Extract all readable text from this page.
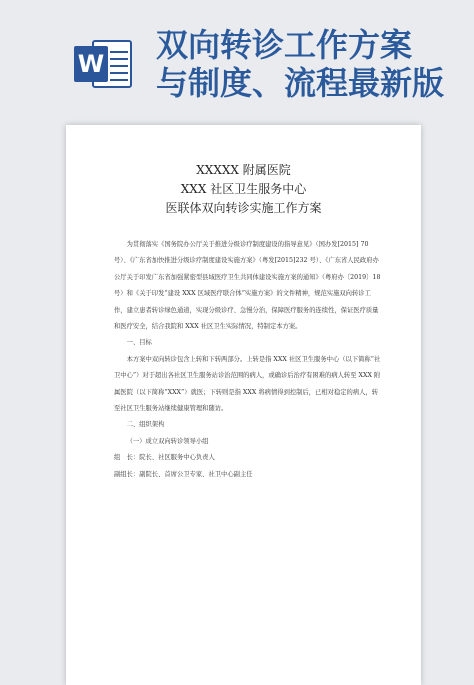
W 双向转诊工作方案
与制度、流程最新版
XXXXX 附属医院
XXX 社区卫生服务中心
医联体双向转诊实施工作方案

为贯彻落实《国务院办公厅关于推进分级诊疗制度建设的指导意见》（国办发[2015] 70 号）、《广东省加快推进分级诊疗制度建设实施方案》（粤发[2015]232 号）、《广东省人民政府办公厅关于印发广东省加强紧密型县域医疗卫生共同体建设实施方案的通知》（粤府办〔2019〕18 号）和《关于印发“建设 XXX 区域医疗联合体”实施方案》的文件精神，规范实施双向转诊工作，建立患者转诊绿色通道，实现分级诊疗、急慢分治，保障医疗服务的连续性，保证医疗质量和医疗安全，结合我院和 XXX 社区卫生实际情况，特制定本方案。

一、目标

本方案中双向转诊包含上转和下转两部分。上转是指 XXX 社区卫生服务中心（以下简称“社卫中心”）对于超出各社区卫生服务站诊治范围的病人，或确诊后治疗有困难的病人转至 XXX 附属医院（以下简称“XXX”）就医；下转则是指 XXX 将病情得到控制后，已相对稳定的病人，转至社区卫生服务站继续健康管理和随访。

二、组织架构

（一）成立双向转诊领导小组

组　长：院长、社区服务中心负责人

副组长：副院长、首席公卫专家、社卫中心副主任
